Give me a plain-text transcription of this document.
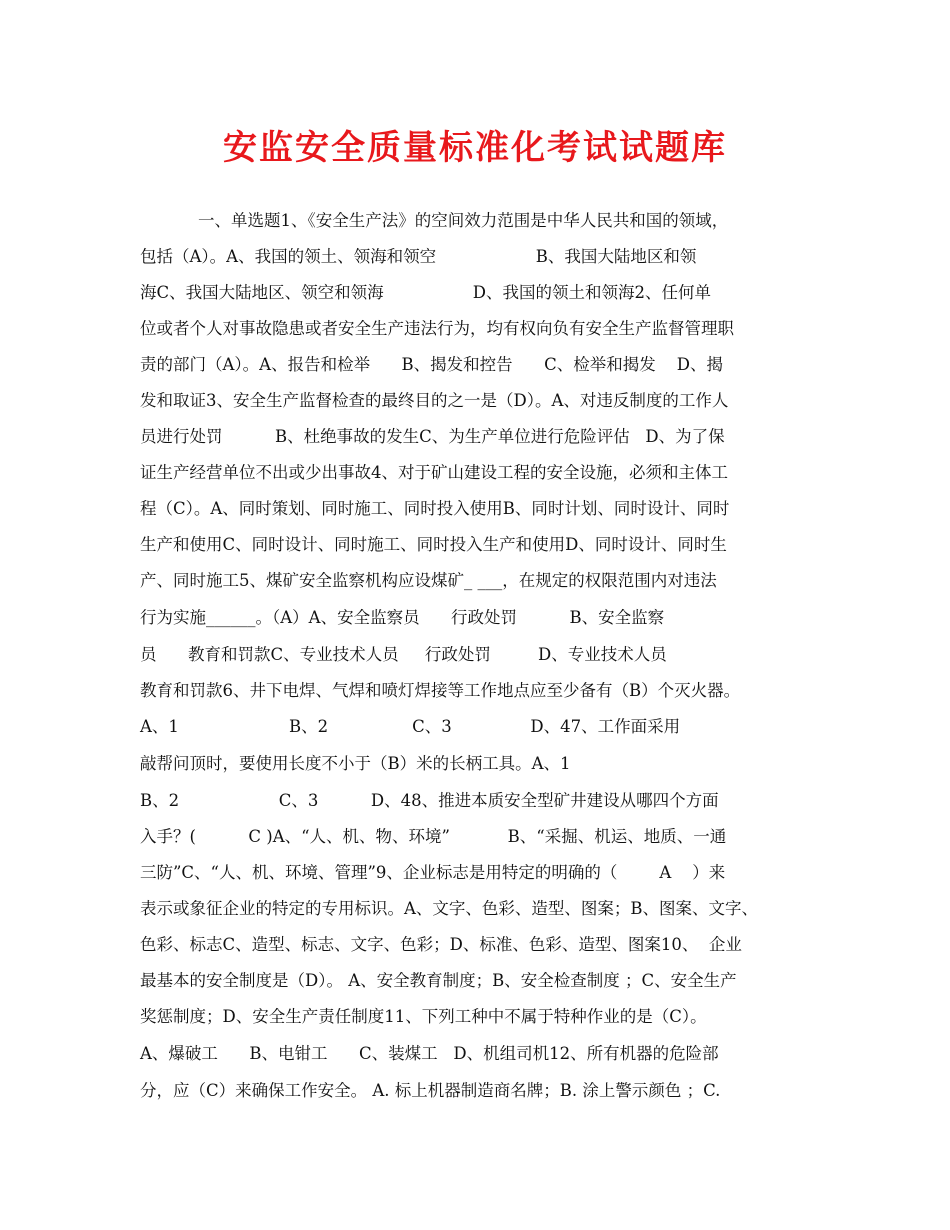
安监安全质量标准化考试试题库
一、单选题1、《安全生产法》的空间效力范围是中华人民共和国的领域，
包括（A）。A、我国的领土、领海和领空                   B、我国大陆地区和领
海C、我国大陆地区、领空和领海                 D、我国的领土和领海2、任何单
位或者个人对事故隐患或者安全生产违法行为，均有权向负有安全生产监督管理职
责的部门（A）。A、报告和检举      B、揭发和控告      C、检举和揭发    D、揭
发和取证3、安全生产监督检查的最终目的之一是（D）。A、对违反制度的工作人
员进行处罚          B、杜绝事故的发生C、为生产单位进行危险评估   D、为了保
证生产经营单位不出或少出事故4、对于矿山建设工程的安全设施，必须和主体工
程（C）。A、同时策划、同时施工、同时投入使用B、同时计划、同时设计、同时
生产和使用C、同时设计、同时施工、同时投入生产和使用D、同时设计、同时生
产、同时施工5、煤矿安全监察机构应设煤矿_ ___，在规定的权限范围内对违法
行为实施______。（A）A、安全监察员      行政处罚          B、安全监察
员      教育和罚款C、专业技术人员     行政处罚         D、专业技术人员
教育和罚款6、井下电焊、气焊和喷灯焊接等工作地点应至少备有（B）个灭火器。
A、1                     B、2                C、3               D、47、工作面采用
敲帮问顶时，要使用长度不小于（B）米的长柄工具。A、1
B、2                   C、3          D、48、推进本质安全型矿井建设从哪四个方面
入手？(          C )A、“人、机、物、环境”           B、“采掘、机运、地质、一通
三防”C、“人、机、环境、管理”9、企业标志是用特定的明确的（        A    ）来
表示或象征企业的特定的专用标识。A、文字、色彩、造型、图案；B、图案、文字、
色彩、标志C、造型、标志、文字、色彩；D、标准、色彩、造型、图案10、  企业
最基本的安全制度是（D）。 A、安全教育制度；B、安全检查制度 ；C、安全生产
奖惩制度；D、安全生产责任制度11、下列工种中不属于特种作业的是（C）。
A、爆破工      B、电钳工      C、装煤工   D、机组司机12、所有机器的危险部
分，应（C）来确保工作安全。 A. 标上机器制造商名牌；B. 涂上警示颜色 ；C.
